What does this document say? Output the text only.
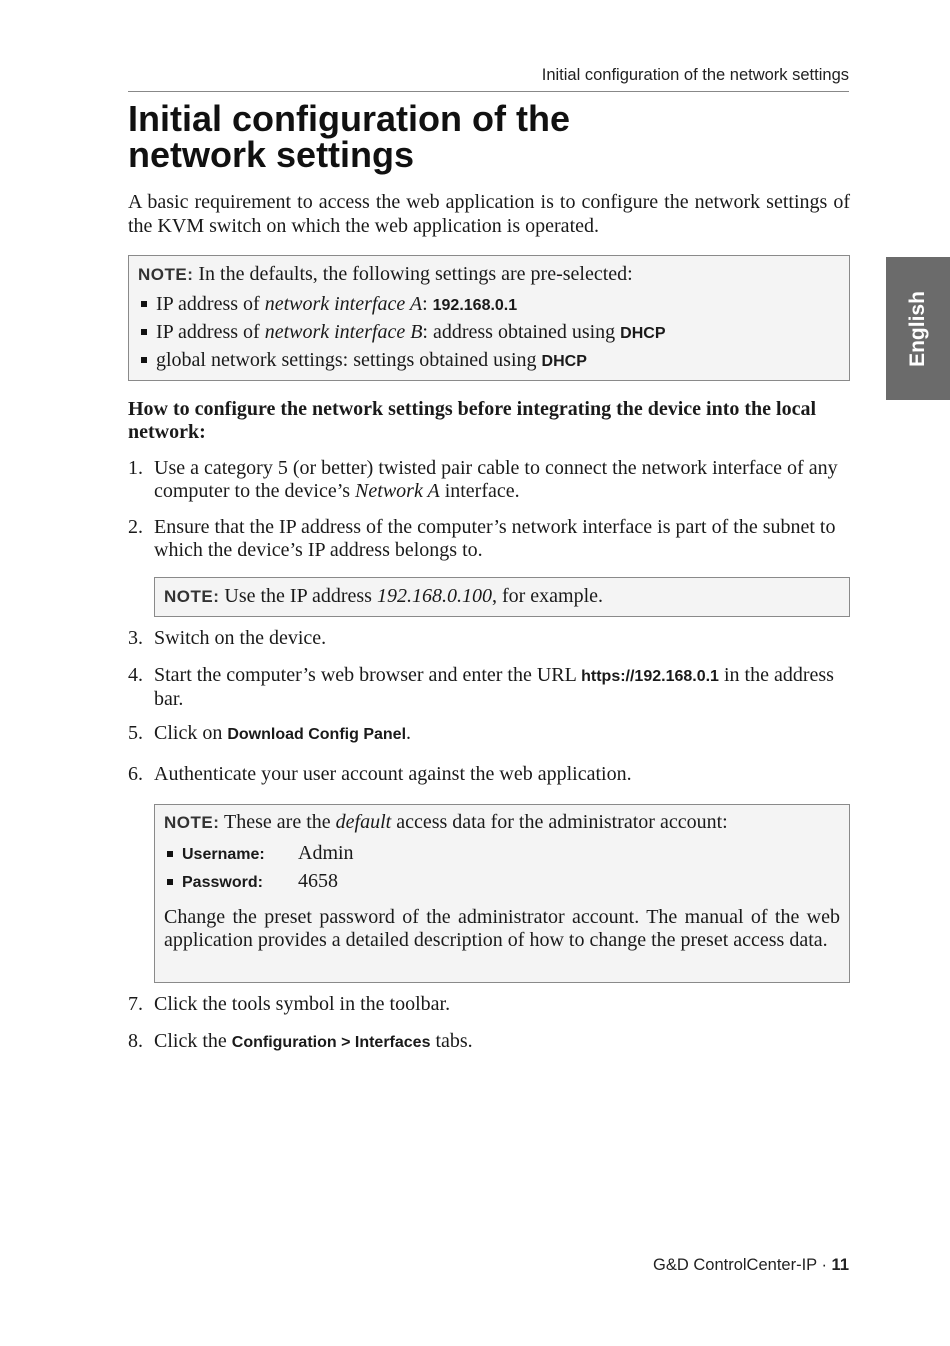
Initial configuration of the network settings
Initial configuration of the
network settings

A basic requirement to access the web application is to configure the network settings of the KVM switch on which the web application is operated.

NOTE: In the defaults, the following settings are pre-selected:
IP address of network interface A: 192.168.0.1
IP address of network interface B: address obtained using DHCP
global network settings: settings obtained using DHCP
How to configure the network settings before integrating the device into the local network:
1. Use a category 5 (or better) twisted pair cable to connect the network interface of any computer to the device’s Network A interface.
2. Ensure that the IP address of the computer’s network interface is part of the subnet to which the device’s IP address belongs to.
NOTE: Use the IP address 192.168.0.100, for example.
3. Switch on the device.
4. Start the computer’s web browser and enter the URL https://192.168.0.1 in the address bar.
5. Click on Download Config Panel.
6. Authenticate your user account against the web application.
NOTE: These are the default access data for the administrator account:
Username: Admin
Password: 4658
Change the preset password of the administrator account. The manual of the web application provides a detailed description of how to change the preset access data.
7. Click the tools symbol in the toolbar.
8. Click the Configuration > Interfaces tabs.
English
G&D ControlCenter-IP · 11
